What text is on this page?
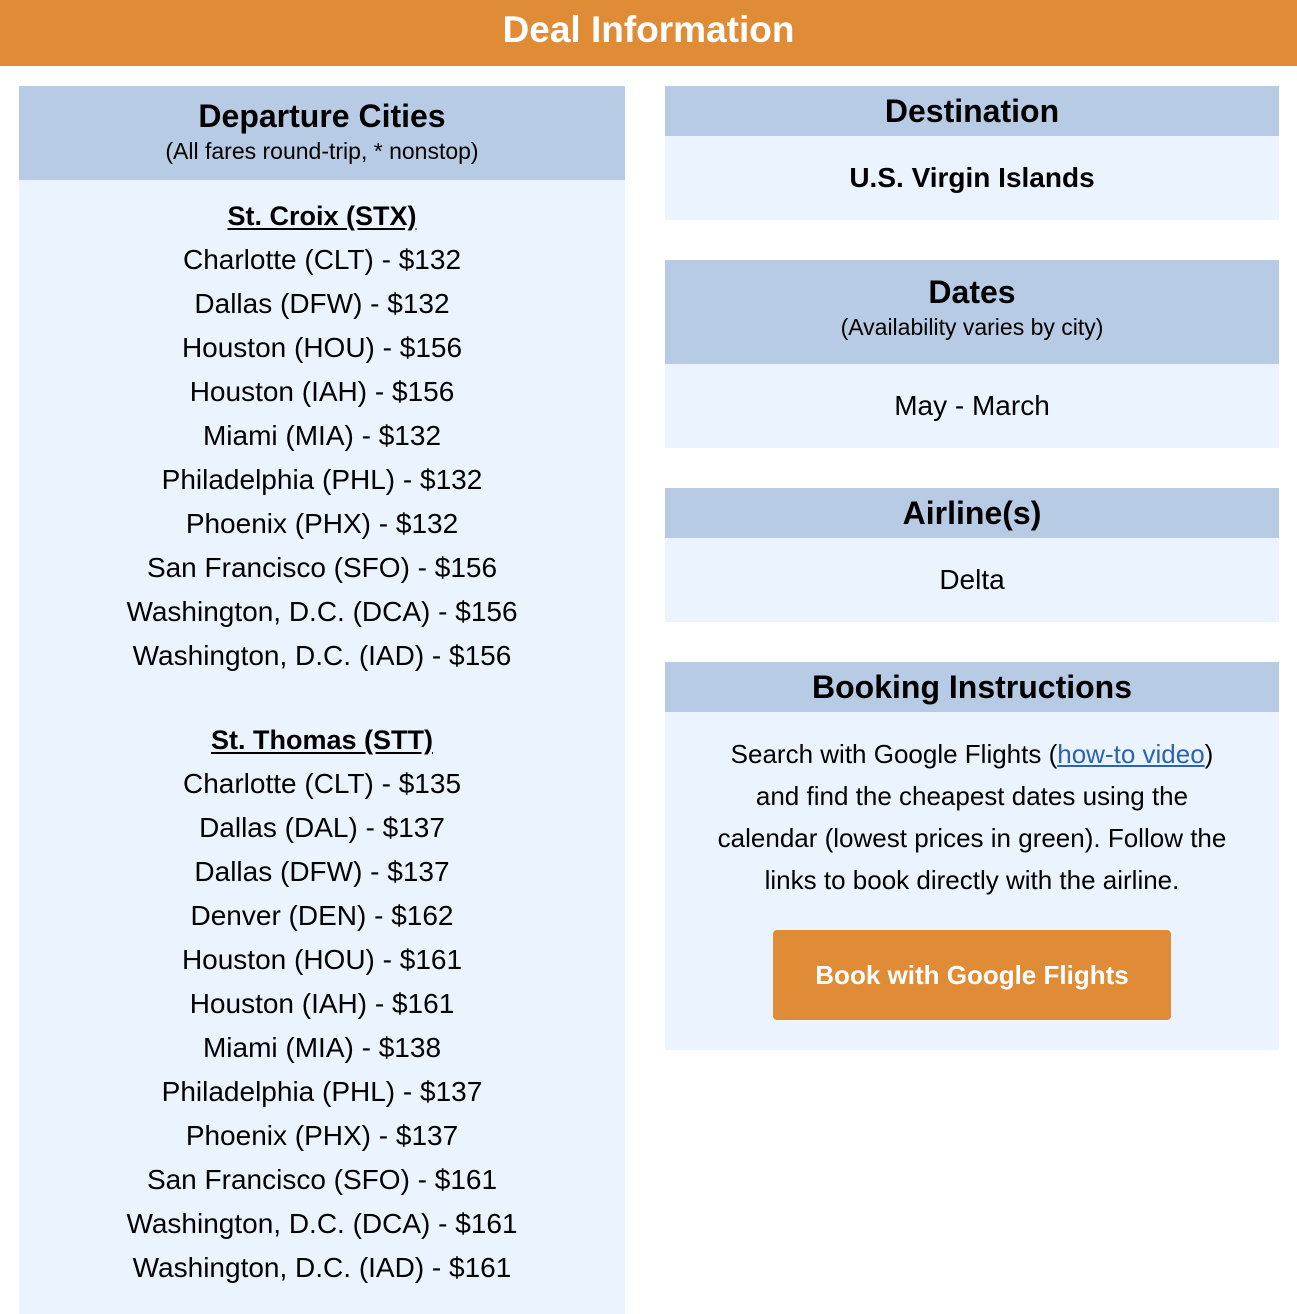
Deal Information
Departure Cities
(All fares round-trip, * nonstop)
St. Croix (STX)
Charlotte (CLT) - $132
Dallas (DFW) - $132
Houston (HOU) - $156
Houston (IAH) - $156
Miami (MIA) - $132
Philadelphia (PHL) - $132
Phoenix (PHX) - $132
San Francisco (SFO) - $156
Washington, D.C. (DCA) - $156
Washington, D.C. (IAD) - $156
St. Thomas (STT)
Charlotte (CLT) - $135
Dallas (DAL) - $137
Dallas (DFW) - $137
Denver (DEN) - $162
Houston (HOU) - $161
Houston (IAH) - $161
Miami (MIA) - $138
Philadelphia (PHL) - $137
Phoenix (PHX) - $137
San Francisco (SFO) - $161
Washington, D.C. (DCA) - $161
Washington, D.C. (IAD) - $161
Destination
U.S. Virgin Islands
Dates
(Availability varies by city)
May - March
Airline(s)
Delta
Booking Instructions
Search with Google Flights (how-to video) and find the cheapest dates using the calendar (lowest prices in green). Follow the links to book directly with the airline.
Book with Google Flights
